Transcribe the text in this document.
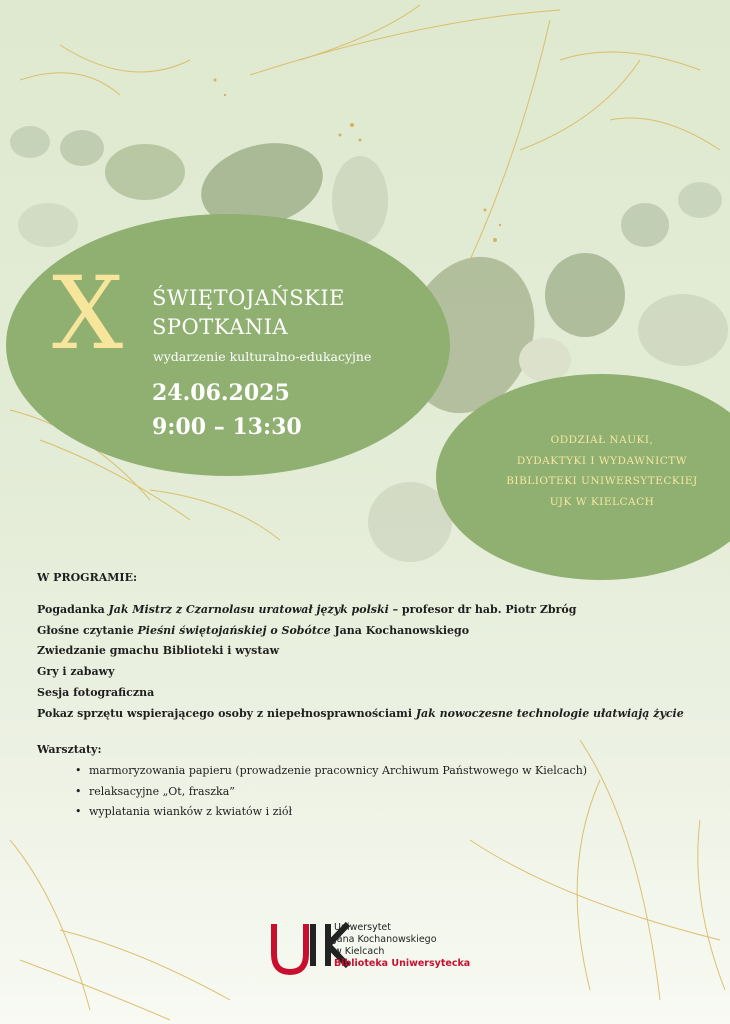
X ŚWIĘTOJAŃSKIE
SPOTKANIA
wydarzenie kulturalno-edukacyjne
24.06.2025
9:00 – 13:30	ODDZIAŁ NAUKI,
DYDAKTYKI I WYDAWNICTW
BIBLIOTEKI UNIWERSYTECKIEJ
UJK W KIELCACH
W PROGRAMIE:
Pogadanka Jak Mistrz z Czarnolasu uratował język polski – profesor dr hab. Piotr Zbróg
Głośne czytanie Pieśni świętojańskiej o Sobótce Jana Kochanowskiego
Zwiedzanie gmachu Biblioteki i wystaw
Gry i zabawy
Sesja fotograficzna
Pokaz sprzętu wspierającego osoby z niepełnosprawnościami Jak nowoczesne technologie ułatwiają życie
Warsztaty:
• marmoryzowania papieru (prowadzenie pracownicy Archiwum Państwowego w Kielcach)
• relaksacyjne „Ot, fraszka”
• wyplatania wianków z kwiatów i ziół
Uniwersytet
Jana Kochanowskiego
w Kielcach
Biblioteka Uniwersytecka
